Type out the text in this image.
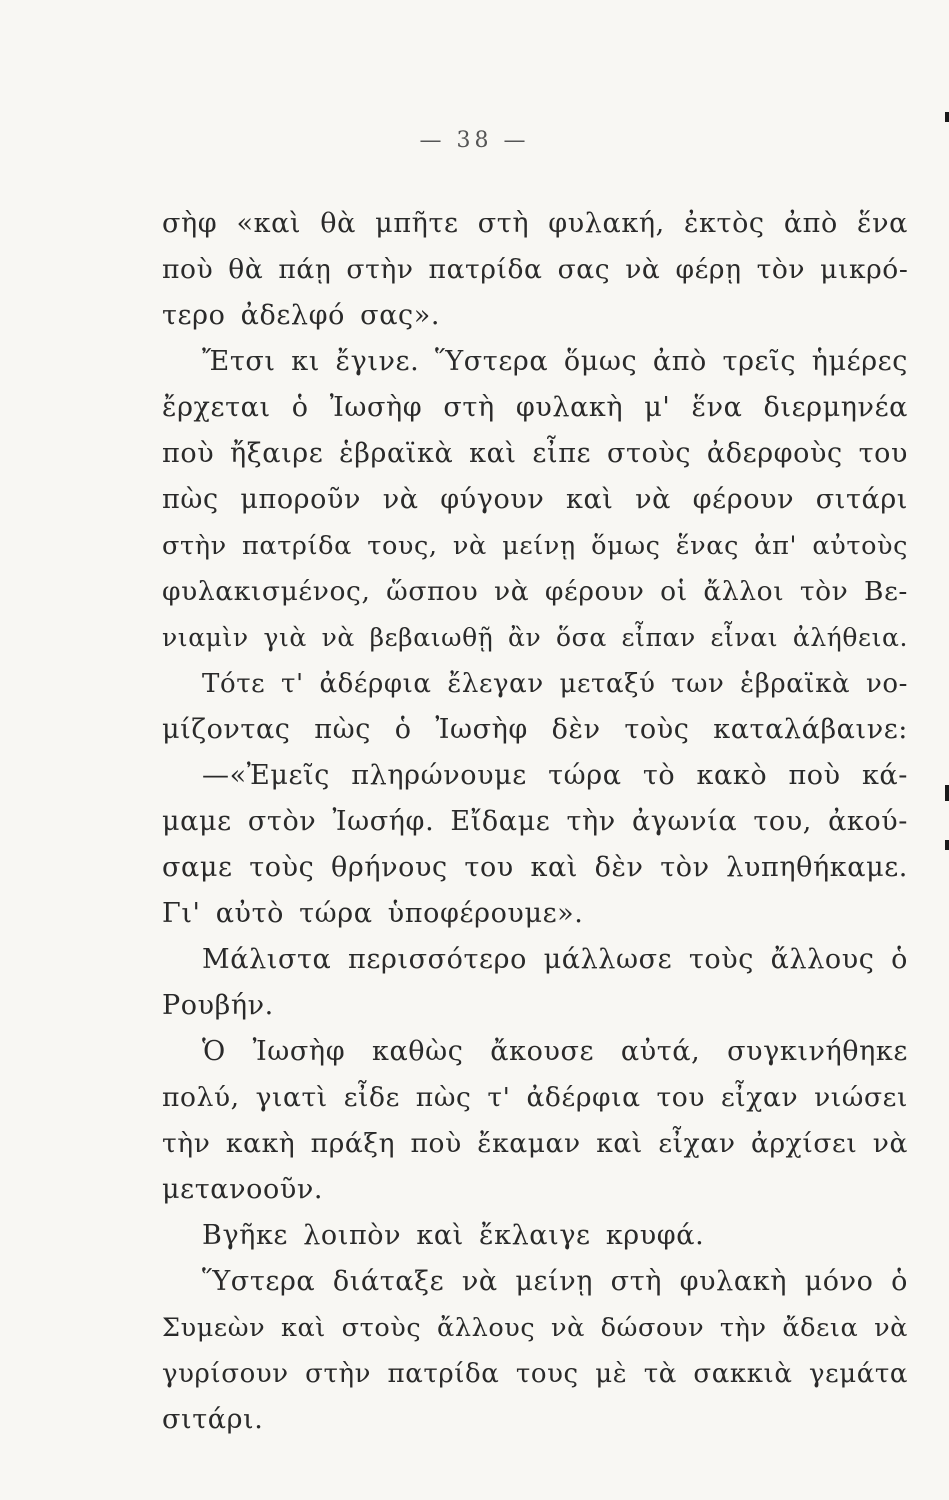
— 38 —
σὴφ «καὶ θὰ μπῆτε στὴ φυλακή, ἐκτὸς ἀπὸ ἕνα
ποὺ θὰ πάῃ στὴν πατρίδα σας νὰ φέρῃ τὸν μικρό-
τερο ἀδελφό σας».
Ἔτσι κι ἔγινε. Ὕστερα ὅμως ἀπὸ τρεῖς ἡμέρες
ἔρχεται ὁ Ἰωσὴφ στὴ φυλακὴ μ' ἕνα διερμηνέα
ποὺ ἤξαιρε ἑβραϊκὰ καὶ εἶπε στοὺς ἀδερφοὺς του
πὼς μποροῦν νὰ φύγουν καὶ νὰ φέρουν σιτάρι
στὴν πατρίδα τους, νὰ μείνῃ ὅμως ἕνας ἀπ' αὐτοὺς
φυλακισμένος, ὥσπου νὰ φέρουν οἱ ἄλλοι τὸν Βε-
νιαμὶν γιὰ νὰ βεβαιωθῇ ἂν ὅσα εἶπαν εἶναι ἀλήθεια.
Τότε τ' ἀδέρφια ἔλεγαν μεταξύ των ἑβραϊκὰ νο-
μίζοντας πὼς ὁ Ἰωσὴφ δὲν τοὺς καταλάβαινε:
—«Ἐμεῖς πληρώνουμε τώρα τὸ κακὸ ποὺ κά-
μαμε στὸν Ἰωσήφ. Εἴδαμε τὴν ἀγωνία του, ἀκού-
σαμε τοὺς θρήνους του καὶ δὲν τὸν λυπηθήκαμε.
Γι' αὐτὸ τώρα ὑποφέρουμε».
Μάλιστα περισσότερο μάλλωσε τοὺς ἄλλους ὁ
Ρουβήν.
Ὁ Ἰωσὴφ καθὼς ἄκουσε αὐτά, συγκινήθηκε
πολύ, γιατὶ εἶδε πὼς τ' ἀδέρφια του εἶχαν νιώσει
τὴν κακὴ πράξη ποὺ ἔκαμαν καὶ εἶχαν ἀρχίσει νὰ
μετανοοῦν.
Βγῆκε λοιπὸν καὶ ἔκλαιγε κρυφά.
Ὕστερα διάταξε νὰ μείνῃ στὴ φυλακὴ μόνο ὁ
Συμεὼν καὶ στοὺς ἄλλους νὰ δώσουν τὴν ἄδεια νὰ
γυρίσουν στὴν πατρίδα τους μὲ τὰ σακκιὰ γεμάτα
σιτάρι.
